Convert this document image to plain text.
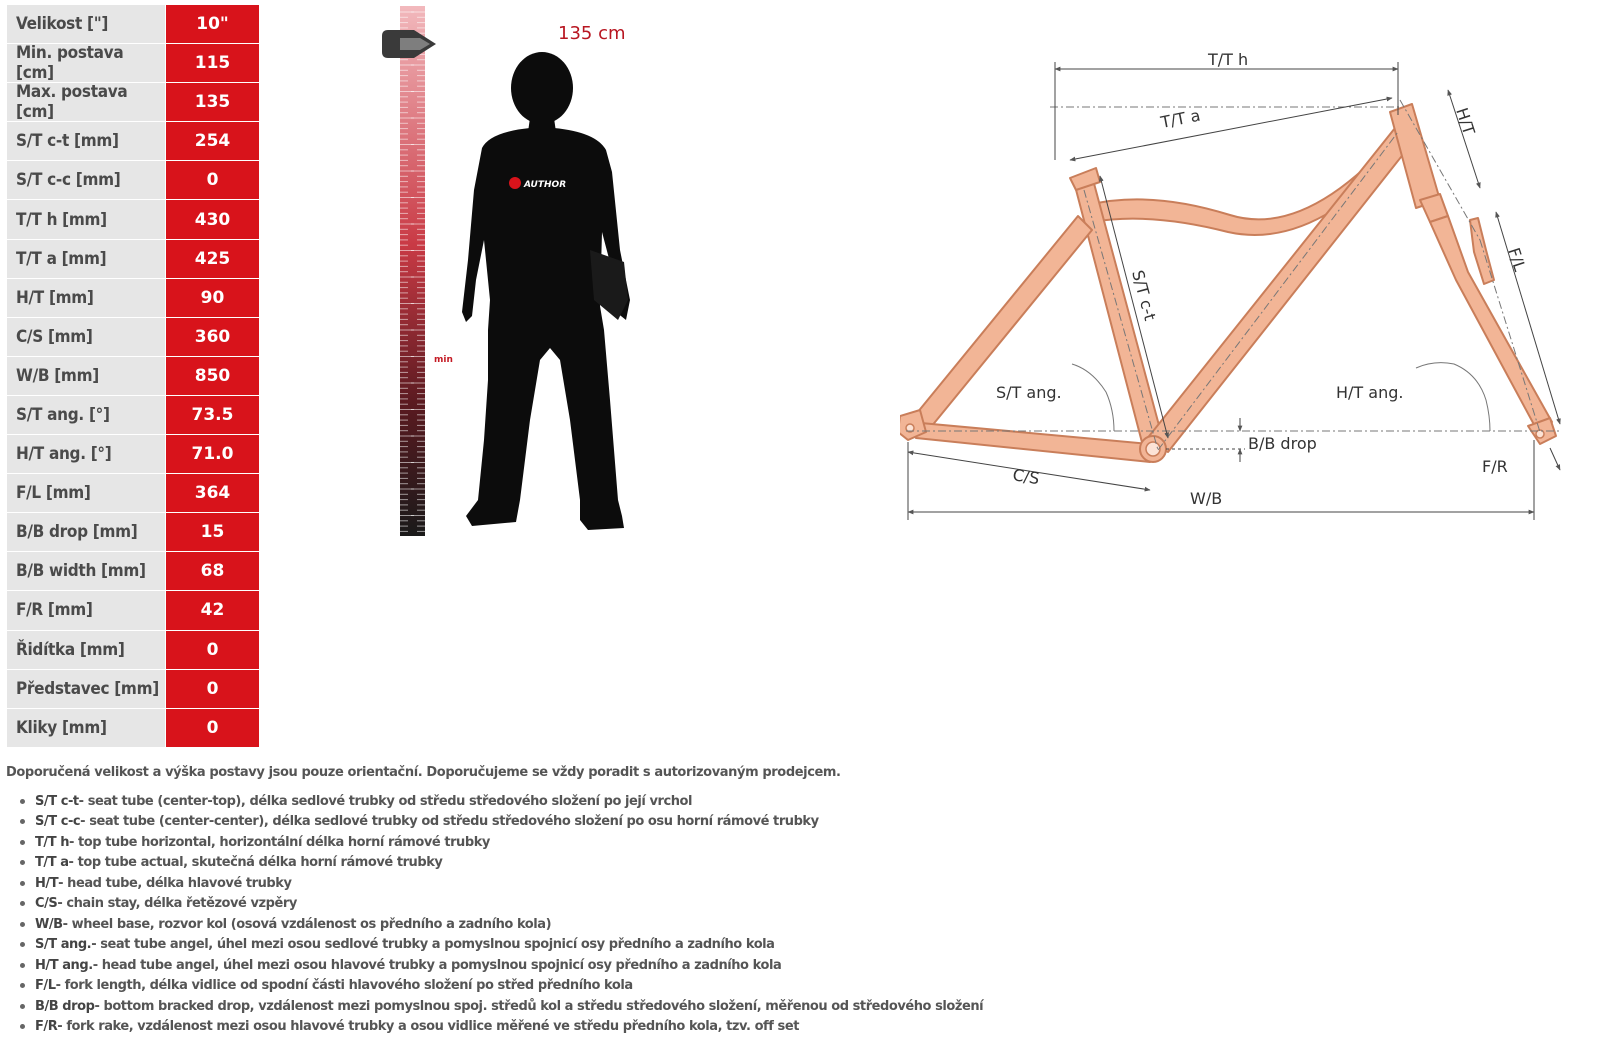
Velikost ["]	10"
Min. postava [cm]	115
Max. postava [cm]	135
S/T c-t [mm]	254
S/T c-c [mm]	0
T/T h [mm]	430
T/T a [mm]	425
H/T [mm]	90
C/S [mm]	360
W/B [mm]	850
S/T ang. [°]	73.5
H/T ang. [°]	71.0
F/L [mm]	364
B/B drop [mm]	15
B/B width [mm]	68
F/R [mm]	42
Řidítka [mm]	0
Představec [mm]	0
Kliky [mm]	0
135 cm
min
AUTHOR
T/T h
T/T a	H/T
F/L
S/T c-t
S/T ang.	H/T ang.
B/B drop
C/S	F/R
W/B
Doporučená velikost a výška postavy jsou pouze orientační. Doporučujeme se vždy poradit s autorizovaným prodejcem.
S/T c-t - seat tube (center-top), délka sedlové trubky od středu středového složení po její vrchol
S/T c-c - seat tube (center-center), délka sedlové trubky od středu středového složení po osu horní rámové trubky
T/T h - top tube horizontal, horizontální délka horní rámové trubky
T/T a - top tube actual, skutečná délka horní rámové trubky
H/T - head tube, délka hlavové trubky
C/S - chain stay, délka řetězové vzpěry
W/B - wheel base, rozvor kol (osová vzdálenost os předního a zadního kola)
S/T ang. - seat tube angel, úhel mezi osou sedlové trubky a pomyslnou spojnicí osy předního a zadního kola
H/T ang. - head tube angel, úhel mezi osou hlavové trubky a pomyslnou spojnicí osy předního a zadního kola
F/L - fork length, délka vidlice od spodní části hlavového složení po střed předního kola
B/B drop - bottom bracked drop, vzdálenost mezi pomyslnou spoj. středů kol a středu středového složení, měřenou od středového složení
F/R - fork rake, vzdálenost mezi osou hlavové trubky a osou vidlice měřené ve středu předního kola, tzv. off set
